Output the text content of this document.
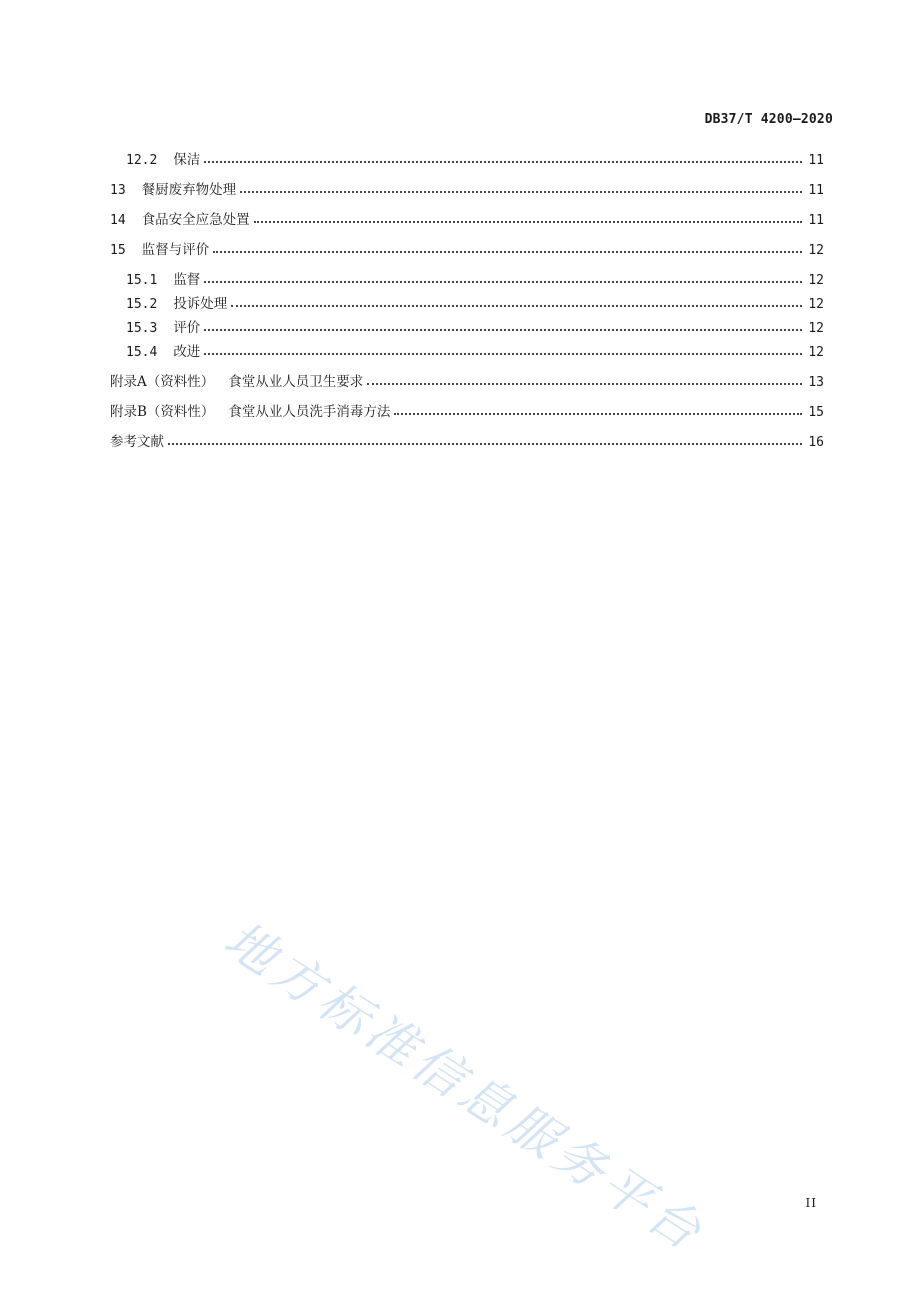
DB37/T 4200—2020
12.2 保洁	11
13 餐厨废弃物处理	11
14 食品安全应急处置	11
15 监督与评价	12
15.1 监督	12
15.2 投诉处理	12
15.3 评价	12
15.4 改进	12
附录A（资料性） 食堂从业人员卫生要求	13
附录B（资料性） 食堂从业人员洗手消毒方法	15
参考文献	16
地方标准信息服务平台	II
